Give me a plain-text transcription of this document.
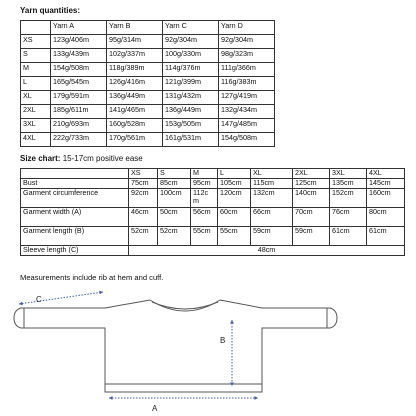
Yarn quantities:
	Yarn A	Yarn B	Yarn C	Yarn D
XS	123g/406m	95g/314m	92g/304m	92g/304m
S	133g/439m	102g/337m	100g/330m	98g/323m
M	154g/508m	118g/389m	114g/376m	111g/366m
L	165g/545m	126g/416m	121g/399m	116g/383m
XL	179g/591m	136g/449m	131g/432m	127g/419m
2XL	185g/611m	141g/465m	136g/449m	132g/434m
3XL	210g/693m	160g/528m	153g/505m	147g/485m
4XL	222g/733m	170g/561m	161g/531m	154g/508m
Size chart: 15-17cm positive ease
	XS	S	M	L	XL	2XL	3XL	4XL
Bust	75cm	85cm	95cm	105cm	115cm	125cm	135cm	145cm
Garment circumference	92cm	100cm	112c m	120cm	132cm	140cm	152cm	160cm
Garment width (A)	46cm	50cm	56cm	60cm	66cm	70cm	76cm	80cm
Garment length (B)	52cm	52cm	55cm	55cm	59cm	59cm	61cm	61cm
Sleeve length (C)	48cm							
Measurements include rib at hem and cuff.
C
B
A
